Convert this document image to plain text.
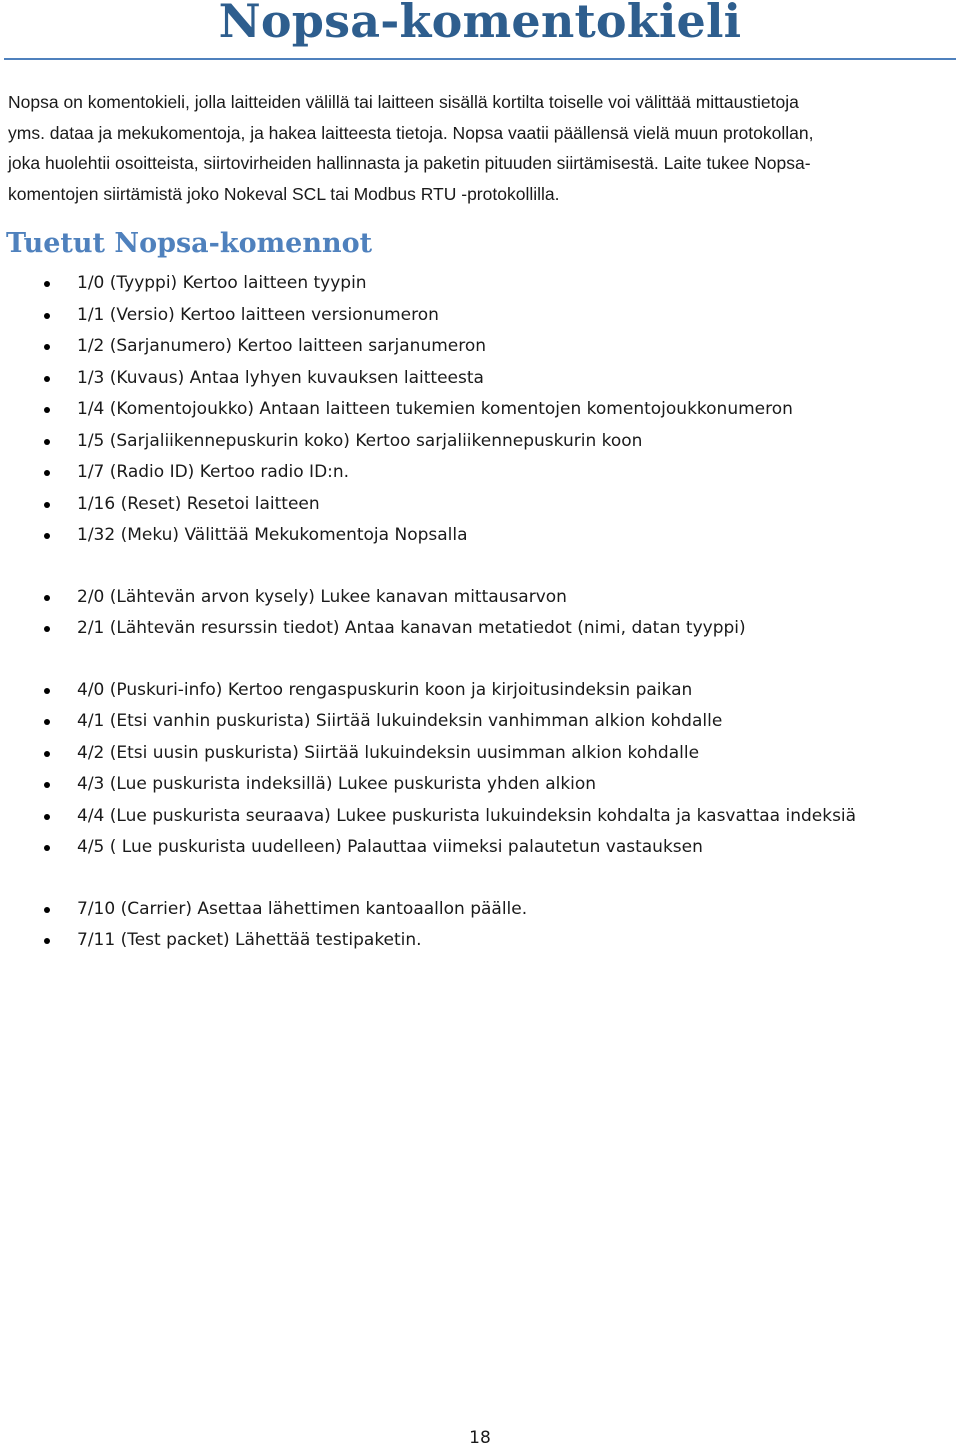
Nopsa-komentokieli

Nopsa on komentokieli, jolla laitteiden välillä tai laitteen sisällä kortilta toiselle voi välittää mittaustietoja
yms. dataa ja mekukomentoja, ja hakea laitteesta tietoja. Nopsa vaatii päällensä vielä muun protokollan,
joka huolehtii osoitteista, siirtovirheiden hallinnasta ja paketin pituuden siirtämisestä. Laite tukee Nopsa-
komentojen siirtämistä joko Nokeval SCL tai Modbus RTU -protokollilla.

Tuetut Nopsa-komennot
1/0 (Tyyppi) Kertoo laitteen tyypin
1/1 (Versio) Kertoo laitteen versionumeron
1/2 (Sarjanumero) Kertoo laitteen sarjanumeron
1/3 (Kuvaus) Antaa lyhyen kuvauksen laitteesta
1/4 (Komentojoukko) Antaan laitteen tukemien komentojen komentojoukkonumeron
1/5 (Sarjaliikennepuskurin koko) Kertoo sarjaliikennepuskurin koon
1/7 (Radio ID) Kertoo radio ID:n.
1/16 (Reset) Resetoi laitteen
1/32 (Meku) Välittää Mekukomentoja Nopsalla
2/0 (Lähtevän arvon kysely) Lukee kanavan mittausarvon
2/1 (Lähtevän resurssin tiedot) Antaa kanavan metatiedot (nimi, datan tyyppi)
4/0 (Puskuri-info) Kertoo rengaspuskurin koon ja kirjoitusindeksin paikan
4/1 (Etsi vanhin puskurista) Siirtää lukuindeksin vanhimman alkion kohdalle
4/2 (Etsi uusin puskurista) Siirtää lukuindeksin uusimman alkion kohdalle
4/3 (Lue puskurista indeksillä) Lukee puskurista yhden alkion
4/4 (Lue puskurista seuraava) Lukee puskurista lukuindeksin kohdalta ja kasvattaa indeksiä
4/5 ( Lue puskurista uudelleen) Palauttaa viimeksi palautetun vastauksen
7/10 (Carrier) Asettaa lähettimen kantoaallon päälle.
7/11 (Test packet) Lähettää testipaketin.
18
